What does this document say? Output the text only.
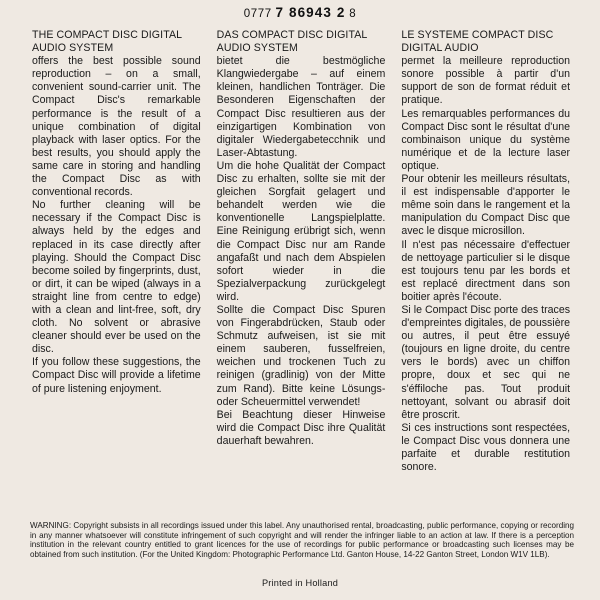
0777 7 86943 2 8
THE COMPACT DISC DIGITAL AUDIO SYSTEM

offers the best possible sound reproduction – on a small, convenient sound-carrier unit. The Compact Disc's remarkable performance is the result of a unique combination of digital playback with laser optics. For the best results, you should apply the same care in storing and handling the Compact Disc as with conventional records.
No further cleaning will be necessary if the Compact Disc is always held by the edges and replaced in its case directly after playing. Should the Compact Disc become soiled by fingerprints, dust, or dirt, it can be wiped (always in a straight line from centre to edge) with a clean and lint-free, soft, dry cloth. No solvent or abrasive cleaner should ever be used on the disc.
If you follow these suggestions, the Compact Disc will provide a lifetime of pure listening enjoyment.

DAS COMPACT DISC DIGITAL AUDIO SYSTEM

bietet die bestmögliche Klangwiedergabe – auf einem kleinen, handlichen Tonträger. Die Besonderen Eigenschaften der Compact Disc resultieren aus der einzigartigen Kombination von digitaler Wiedergabetecchnik und Laser-Abtastung.
Um die hohe Qualität der Compact Disc zu erhalten, sollte sie mit der gleichen Sorgfait gelagert und behandelt werden wie die konventionelle Langspielplatte. Eine Reinigung erübrigt sich, wenn die Compact Disc nur am Rande angafaßt und nach dem Abspielen sofort wieder in die Spezialverpackung zurückgelegt wird.
Sollte die Compact Disc Spuren von Fingerabdrücken, Staub oder Schmutz aufweisen, ist sie mit einem sauberen, fusselfreien, weichen und trockenen Tuch zu reinigen (gradlinig) von der Mitte zum Rand). Bitte keine Lösungs- oder Scheuermittel verwendet!
Bei Beachtung dieser Hinweise wird die Compact Disc ihre Qualität dauerhaft bewahren.

LE SYSTEME COMPACT DISC DIGITAL AUDIO

permet la meilleure reproduction sonore possible à partir d'un support de son de format réduit et pratique.
Les remarquables performances du Compact Disc sont le résultat d'une combinaison unique du système numérique et de la lecture laser optique.
Pour obtenir les meilleurs résultats, il est indispensable d'apporter le même soin dans le rangement et la manipulation du Compact Disc que avec le disque microsillon.
Il n'est pas nécessaire d'effectuer de nettoyage particulier si le disque est toujours tenu par les bords et est replacé directment dans son boitier après l'écoute.
Si le Compact Disc porte des traces d'empreintes digitales, de poussière ou autres, il peut être essuyé (toujours en ligne droite, du centre vers le bords) avec un chiffon propre, doux et sec qui ne s'éffiloche pas. Tout produit nettoyant, solvant ou abrasif doit être proscrit.
Si ces instructions sont respectées, le Compact Disc vous donnera une parfaite et durable restitution sonore.

WARNING: Copyright subsists in all recordings issued under this label. Any unauthorised rental, broadcasting, public performance, copying or recording in any manner whatsoever will constitute infringement of such copyright and will render the infringer liable to an action at law. If there is a perception institution in the relevant country entitled to grant licences for the use of recordings for public performance or broadcasting such licenses may be obtained from such institution. (For the United Kingdom: Photographic Performance Ltd. Ganton House, 14-22 Ganton Street, London W1V 1LB).
Printed in Holland
